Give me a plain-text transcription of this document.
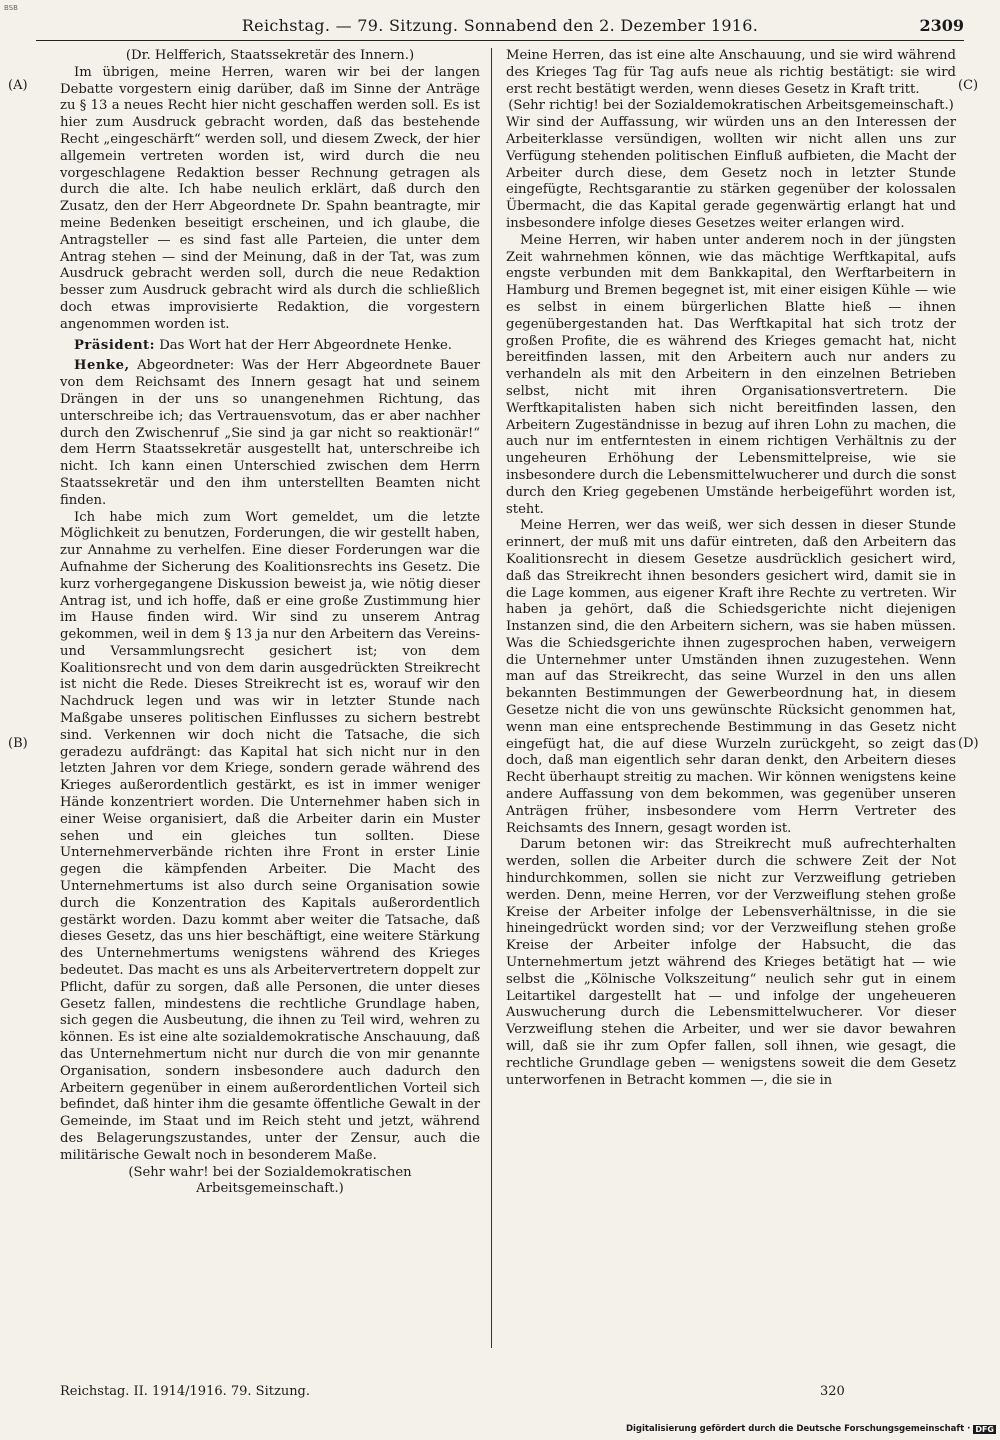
BSB
Reichstag. — 79. Sitzung. Sonnabend den 2. Dezember 1916.	2309
(A)
(B)
(C)
(D)

(Dr. Helfferich, Staatssekretär des Innern.)

Im übrigen, meine Herren, waren wir bei der langen Debatte vorgestern einig darüber, daß im Sinne der Anträge zu § 13 a neues Recht hier nicht geschaffen werden soll. Es ist hier zum Ausdruck gebracht worden, daß das bestehende Recht „eingeschärft“ werden soll, und diesem Zweck, der hier allgemein vertreten worden ist, wird durch die neu vorgeschlagene Redaktion besser Rechnung getragen als durch die alte. Ich habe neulich erklärt, daß durch den Zusatz, den der Herr Abgeordnete Dr. Spahn beantragte, mir meine Bedenken beseitigt erscheinen, und ich glaube, die Antragsteller — es sind fast alle Parteien, die unter dem Antrag stehen — sind der Meinung, daß in der Tat, was zum Ausdruck gebracht werden soll, durch die neue Redaktion besser zum Ausdruck gebracht wird als durch die schließlich doch etwas improvisierte Redaktion, die vorgestern angenommen worden ist.

Präsident: Das Wort hat der Herr Abgeordnete Henke.

Henke, Abgeordneter: Was der Herr Abgeordnete Bauer von dem Reichsamt des Innern gesagt hat und seinem Drängen in der uns so unangenehmen Richtung, das unterschreibe ich; das Vertrauensvotum, das er aber nachher durch den Zwischenruf „Sie sind ja gar nicht so reaktionär!“ dem Herrn Staatssekretär ausgestellt hat, unterschreibe ich nicht. Ich kann einen Unterschied zwischen dem Herrn Staatssekretär und den ihm unterstellten Beamten nicht finden.

Ich habe mich zum Wort gemeldet, um die letzte Möglichkeit zu benutzen, Forderungen, die wir gestellt haben, zur Annahme zu verhelfen. Eine dieser Forderungen war die Aufnahme der Sicherung des Koalitionsrechts ins Gesetz. Die kurz vorhergegangene Diskussion beweist ja, wie nötig dieser Antrag ist, und ich hoffe, daß er eine große Zustimmung hier im Hause finden wird. Wir sind zu unserem Antrag gekommen, weil in dem § 13 ja nur den Arbeitern das Vereins- und Versammlungsrecht gesichert ist; von dem Koalitionsrecht und von dem darin ausgedrückten Streikrecht ist nicht die Rede. Dieses Streikrecht ist es, worauf wir den Nachdruck legen und was wir in letzter Stunde nach Maßgabe unseres politischen Einflusses zu sichern bestrebt sind. Verkennen wir doch nicht die Tatsache, die sich geradezu aufdrängt: das Kapital hat sich nicht nur in den letzten Jahren vor dem Kriege, sondern gerade während des Krieges außerordentlich gestärkt, es ist in immer weniger Hände konzentriert worden. Die Unternehmer haben sich in einer Weise organisiert, daß die Arbeiter darin ein Muster sehen und ein gleiches tun sollten. Diese Unternehmerverbände richten ihre Front in erster Linie gegen die kämpfenden Arbeiter. Die Macht des Unternehmertums ist also durch seine Organisation sowie durch die Konzentration des Kapitals außerordentlich gestärkt worden. Dazu kommt aber weiter die Tatsache, daß dieses Gesetz, das uns hier beschäftigt, eine weitere Stärkung des Unternehmertums wenigstens während des Krieges bedeutet. Das macht es uns als Arbeitervertretern doppelt zur Pflicht, dafür zu sorgen, daß alle Personen, die unter dieses Gesetz fallen, mindestens die rechtliche Grundlage haben, sich gegen die Ausbeutung, die ihnen zu Teil wird, wehren zu können. Es ist eine alte sozialdemokratische Anschauung, daß das Unternehmertum nicht nur durch die von mir genannte Organisation, sondern insbesondere auch dadurch den Arbeitern gegenüber in einem außerordentlichen Vorteil sich befindet, daß hinter ihm die gesamte öffentliche Gewalt in der Gemeinde, im Staat und im Reich steht und jetzt, während des Belagerungszustandes, unter der Zensur, auch die militärische Gewalt noch in besonderem Maße.

(Sehr wahr! bei der Sozialdemokratischen Arbeitsgemeinschaft.)

Meine Herren, das ist eine alte Anschauung, und sie wird während des Krieges Tag für Tag aufs neue als richtig bestätigt: sie wird erst recht bestätigt werden, wenn dieses Gesetz in Kraft tritt.

(Sehr richtig! bei der Sozialdemokratischen Arbeitsgemeinschaft.)

Wir sind der Auffassung, wir würden uns an den Interessen der Arbeiterklasse versündigen, wollten wir nicht allen uns zur Verfügung stehenden politischen Einfluß aufbieten, die Macht der Arbeiter durch diese, dem Gesetz noch in letzter Stunde eingefügte, Rechtsgarantie zu stärken gegenüber der kolossalen Übermacht, die das Kapital gerade gegenwärtig erlangt hat und insbesondere infolge dieses Gesetzes weiter erlangen wird.

Meine Herren, wir haben unter anderem noch in der jüngsten Zeit wahrnehmen können, wie das mächtige Werftkapital, aufs engste verbunden mit dem Bankkapital, den Werftarbeitern in Hamburg und Bremen begegnet ist, mit einer eisigen Kühle — wie es selbst in einem bürgerlichen Blatte hieß — ihnen gegenübergestanden hat. Das Werftkapital hat sich trotz der großen Profite, die es während des Krieges gemacht hat, nicht bereitfinden lassen, mit den Arbeitern auch nur anders zu verhandeln als mit den Arbeitern in den einzelnen Betrieben selbst, nicht mit ihren Organisationsvertretern. Die Werftkapitalisten haben sich nicht bereitfinden lassen, den Arbeitern Zugeständnisse in bezug auf ihren Lohn zu machen, die auch nur im entferntesten in einem richtigen Verhältnis zu der ungeheuren Erhöhung der Lebensmittelpreise, wie sie insbesondere durch die Lebensmittelwucherer und durch die sonst durch den Krieg gegebenen Umstände herbeigeführt worden ist, steht.

Meine Herren, wer das weiß, wer sich dessen in dieser Stunde erinnert, der muß mit uns dafür eintreten, daß den Arbeitern das Koalitionsrecht in diesem Gesetze ausdrücklich gesichert wird, daß das Streikrecht ihnen besonders gesichert wird, damit sie in die Lage kommen, aus eigener Kraft ihre Rechte zu vertreten. Wir haben ja gehört, daß die Schiedsgerichte nicht diejenigen Instanzen sind, die den Arbeitern sichern, was sie haben müssen. Was die Schiedsgerichte ihnen zugesprochen haben, verweigern die Unternehmer unter Umständen ihnen zuzugestehen. Wenn man auf das Streikrecht, das seine Wurzel in den uns allen bekannten Bestimmungen der Gewerbeordnung hat, in diesem Gesetze nicht die von uns gewünschte Rücksicht genommen hat, wenn man eine entsprechende Bestimmung in das Gesetz nicht eingefügt hat, die auf diese Wurzeln zurückgeht, so zeigt das doch, daß man eigentlich sehr daran denkt, den Arbeitern dieses Recht überhaupt streitig zu machen. Wir können wenigstens keine andere Auffassung von dem bekommen, was gegenüber unseren Anträgen früher, insbesondere vom Herrn Vertreter des Reichsamts des Innern, gesagt worden ist.

Darum betonen wir: das Streikrecht muß aufrechterhalten werden, sollen die Arbeiter durch die schwere Zeit der Not hindurchkommen, sollen sie nicht zur Verzweiflung getrieben werden. Denn, meine Herren, vor der Verzweiflung stehen große Kreise der Arbeiter infolge der Lebensverhältnisse, in die sie hineingedrückt worden sind; vor der Verzweiflung stehen große Kreise der Arbeiter infolge der Habsucht, die das Unternehmertum jetzt während des Krieges betätigt hat — wie selbst die „Kölnische Volkszeitung“ neulich sehr gut in einem Leitartikel dargestellt hat — und infolge der ungeheueren Auswucherung durch die Lebensmittelwucherer. Vor dieser Verzweiflung stehen die Arbeiter, und wer sie davor bewahren will, daß sie ihr zum Opfer fallen, soll ihnen, wie gesagt, die rechtliche Grundlage geben — wenigstens soweit die dem Gesetz unterworfenen in Betracht kommen —, die sie in

Reichstag. II. 1914/1916. 79. Sitzung.	320
Digitalisierung gefördert durch die Deutsche Forschungsgemeinschaft · DFG
